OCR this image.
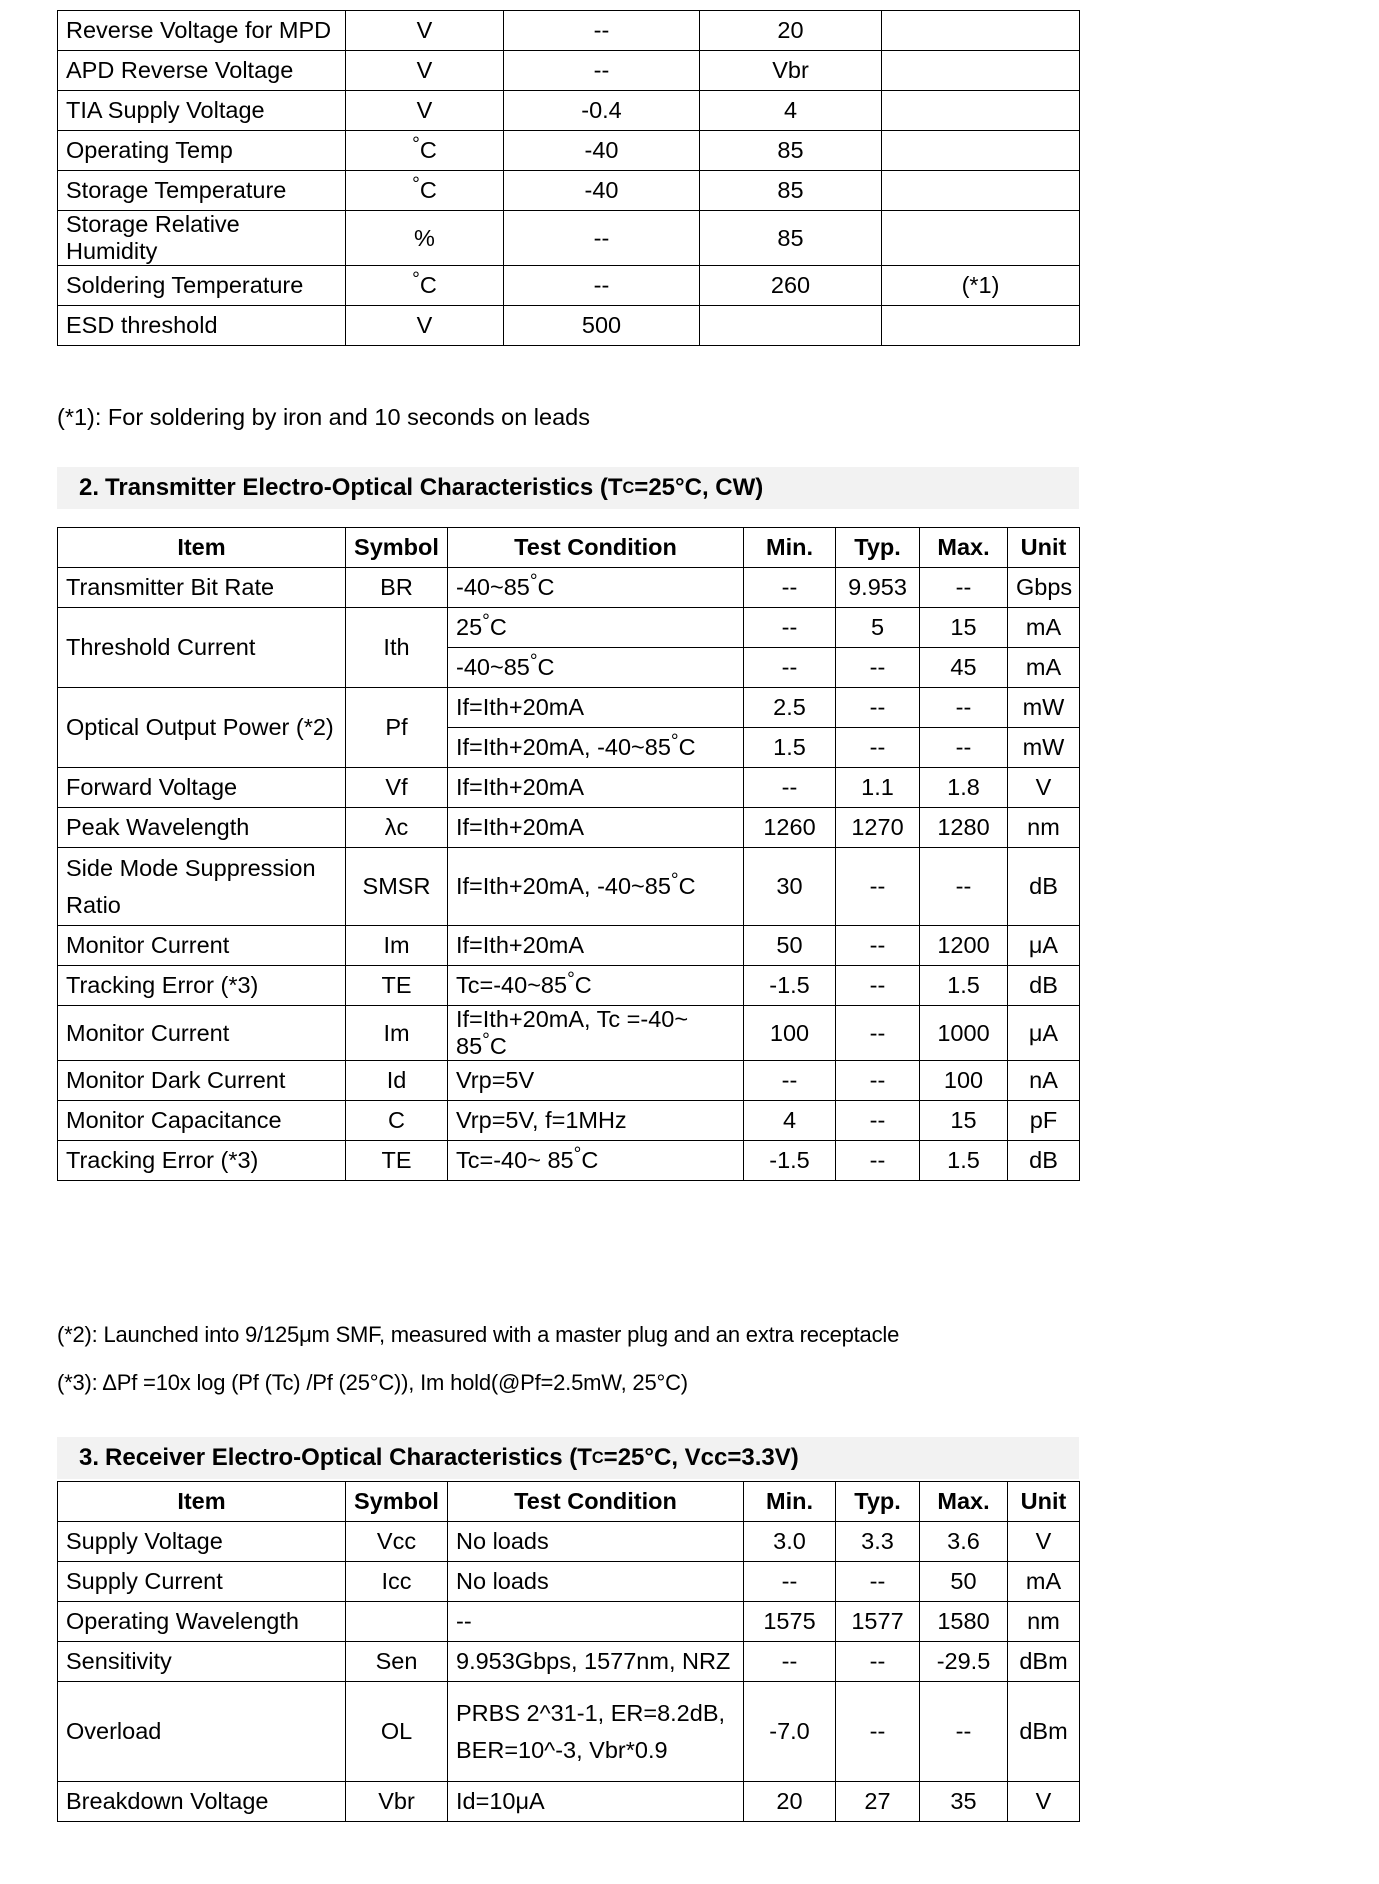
Reverse Voltage for MPD	V	--	20	
APD Reverse Voltage	V	--	Vbr	
TIA Supply Voltage	V	-0.4	4	
Operating Temp	°C	-40	85	
Storage Temperature	°C	-40	85	
Storage Relative Humidity	%	--	85	
Soldering Temperature	°C	--	260	(*1)
ESD threshold	V	500		
(*1): For soldering by iron and 10 seconds on leads
2. Transmitter Electro-Optical Characteristics (T C =25°C, CW)
Item	Symbol	Test Condition	Min.	Typ.	Max.	Unit
Transmitter Bit Rate	BR	-40~85°C	--	9.953	--	Gbps
Threshold Current	Ith	25°C	--	5	15	mA
		-40~85°C	--	--	45	mA
Optical Output Power (*2)	Pf	If=Ith+20mA	2.5	--	--	mW
		If=Ith+20mA, -40~85°C	1.5	--	--	mW
Forward Voltage	Vf	If=Ith+20mA	--	1.1	1.8	V
Peak Wavelength	λc	If=Ith+20mA	1260	1270	1280	nm
Side Mode Suppression Ratio	SMSR	If=Ith+20mA, -40~85°C	30	--	--	dB
Monitor Current	Im	If=Ith+20mA	50	--	1200	μA
Tracking Error (*3)	TE	Tc=-40~85°C	-1.5	--	1.5	dB
Monitor Current	Im	If=Ith+20mA, Tc =-40~ 85°C	100	--	1000	μA
Monitor Dark Current	Id	Vrp=5V	--	--	100	nA
Monitor Capacitance	C	Vrp=5V, f=1MHz	4	--	15	pF
Tracking Error (*3)	TE	Tc=-40~ 85°C	-1.5	--	1.5	dB
(*2): Launched into 9/125μm SMF, measured with a master plug and an extra receptacle
(*3): ΔPf =10x log (Pf (Tc) /Pf (25°C)), Im hold(@Pf=2.5mW, 25°C)
3. Receiver Electro-Optical Characteristics (T C =25°C, Vcc=3.3V)
Item	Symbol	Test Condition	Min.	Typ.	Max.	Unit
Supply Voltage	Vcc	No loads	3.0	3.3	3.6	V
Supply Current	Icc	No loads	--	--	50	mA
Operating Wavelength		--	1575	1577	1580	nm
Sensitivity	Sen	9.953Gbps, 1577nm, NRZ	--	--	-29.5	dBm
Overload	OL	PRBS 2^31-1, ER=8.2dB,
BER=10^-3, Vbr*0.9	-7.0	--	--	dBm
Breakdown Voltage	Vbr	Id=10μA	20	27	35	V
